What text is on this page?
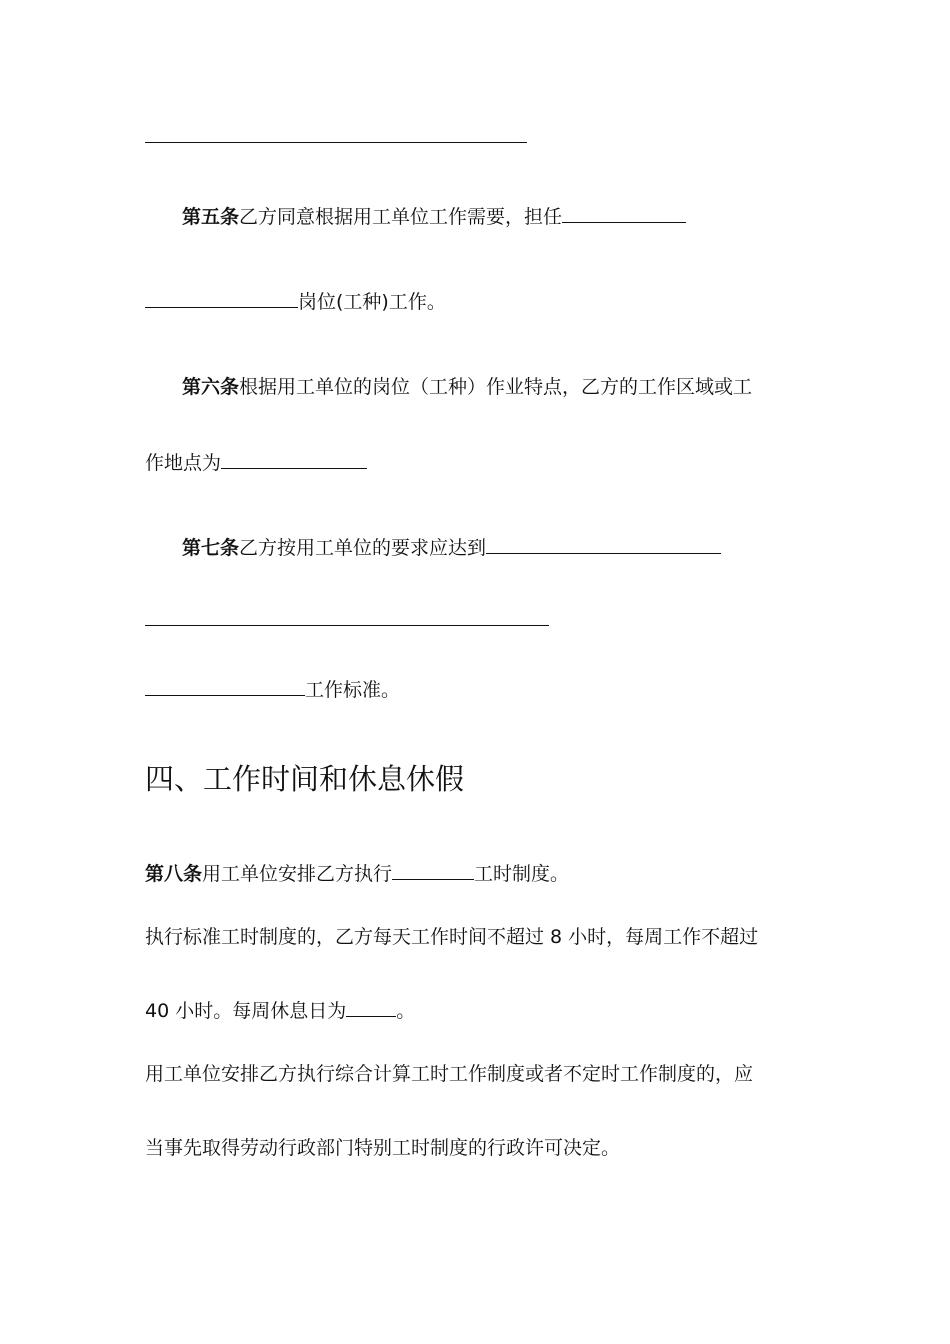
第五条乙方同意根据用工单位工作需要，担任
岗位(工种)工作。
第六条根据用工单位的岗位（工种）作业特点，乙方的工作区域或工
作地点为
第七条乙方按用工单位的要求应达到
工作标准。
四、工作时间和休息休假
第八条用工单位安排乙方执行	工时制度。
执行标准工时制度的，乙方每天工作时间不超过 8 小时，每周工作不超过
40 小时。每周休息日为	。
用工单位安排乙方执行综合计算工时工作制度或者不定时工作制度的，应
当事先取得劳动行政部门特别工时制度的行政许可决定。
